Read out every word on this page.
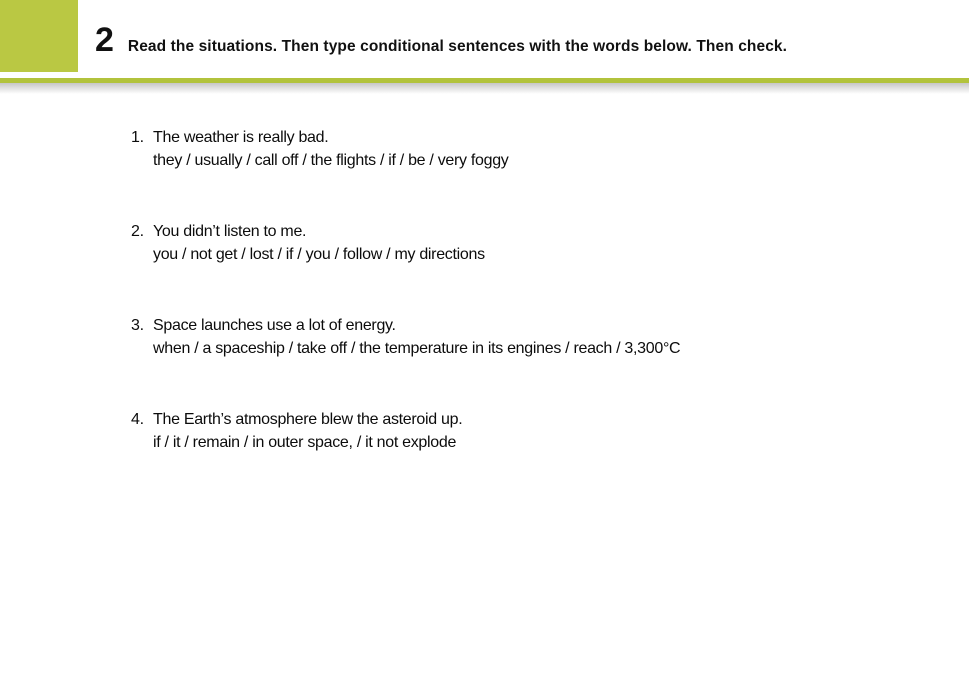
2 Read the situations. Then type conditional sentences with the words below. Then check.
1. The weather is really bad.
they / usually / call off / the flights / if / be / very foggy
2. You didn’t listen to me.
you / not get / lost / if / you / follow / my directions
3. Space launches use a lot of energy.
when / a spaceship / take off / the temperature in its engines / reach / 3,300°C
4. The Earth’s atmosphere blew the asteroid up.
if / it / remain / in outer space, / it not explode
